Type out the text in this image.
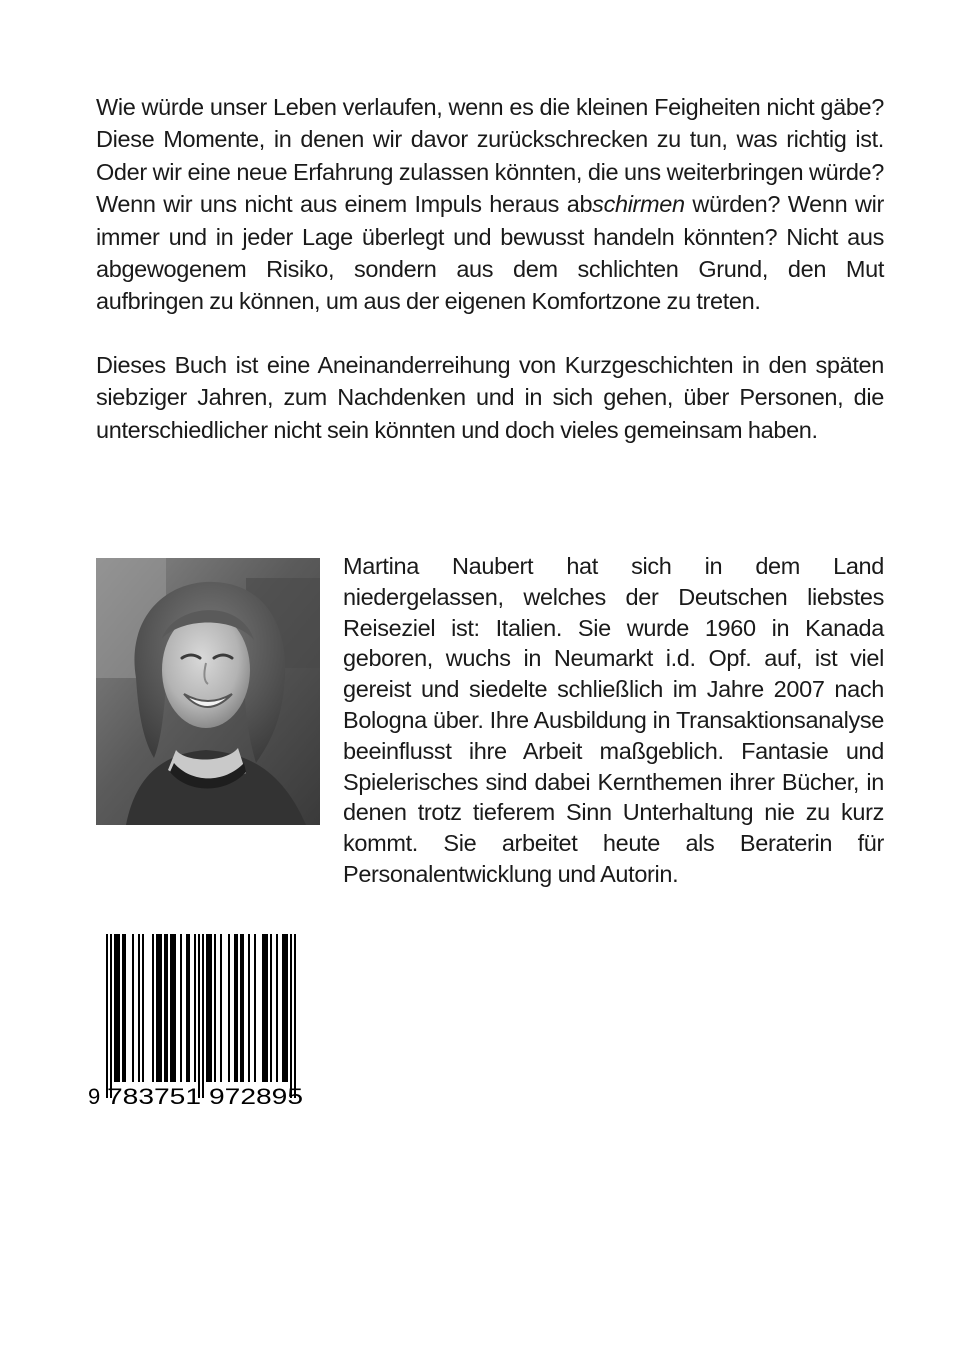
Wie würde unser Leben verlaufen, wenn es die kleinen Feigheiten nicht gäbe? Diese Momente, in denen wir davor zurückschrecken zu tun, was richtig ist. Oder wir eine neue Erfahrung zulassen könnten, die uns weiterbringen würde? Wenn wir uns nicht aus einem Impuls heraus abschirmen würden? Wenn wir immer und in jeder Lage überlegt und bewusst handeln könnten? Nicht aus abgewogenem Risiko, sondern aus dem schlichten Grund, den Mut aufbringen zu können, um aus der eigenen Komfortzone zu treten.

Dieses Buch ist eine Aneinanderreihung von Kurzgeschichten in den späten siebziger Jahren, zum Nachdenken und in sich gehen, über Personen, die unterschiedlicher nicht sein könnten und doch vieles gemeinsam haben.

Martina Naubert hat sich in dem Land niedergelassen, welches der Deutschen liebstes Reiseziel ist: Italien. Sie wurde 1960 in Kanada geboren, wuchs in Neumarkt i.d. Opf. auf, ist viel gereist und siedelte schließlich im Jahre 2007 nach Bologna über. Ihre Ausbildung in Transaktionsanalyse beeinflusst ihre Arbeit maßgeblich. Fantasie und Spielerisches sind dabei Kernthemen ihrer Bücher, in denen trotz tieferem Sinn Unterhaltung nie zu kurz kommt. Sie arbeitet heute als Beraterin für Personalentwicklung und Autorin.

9 783751 972895
